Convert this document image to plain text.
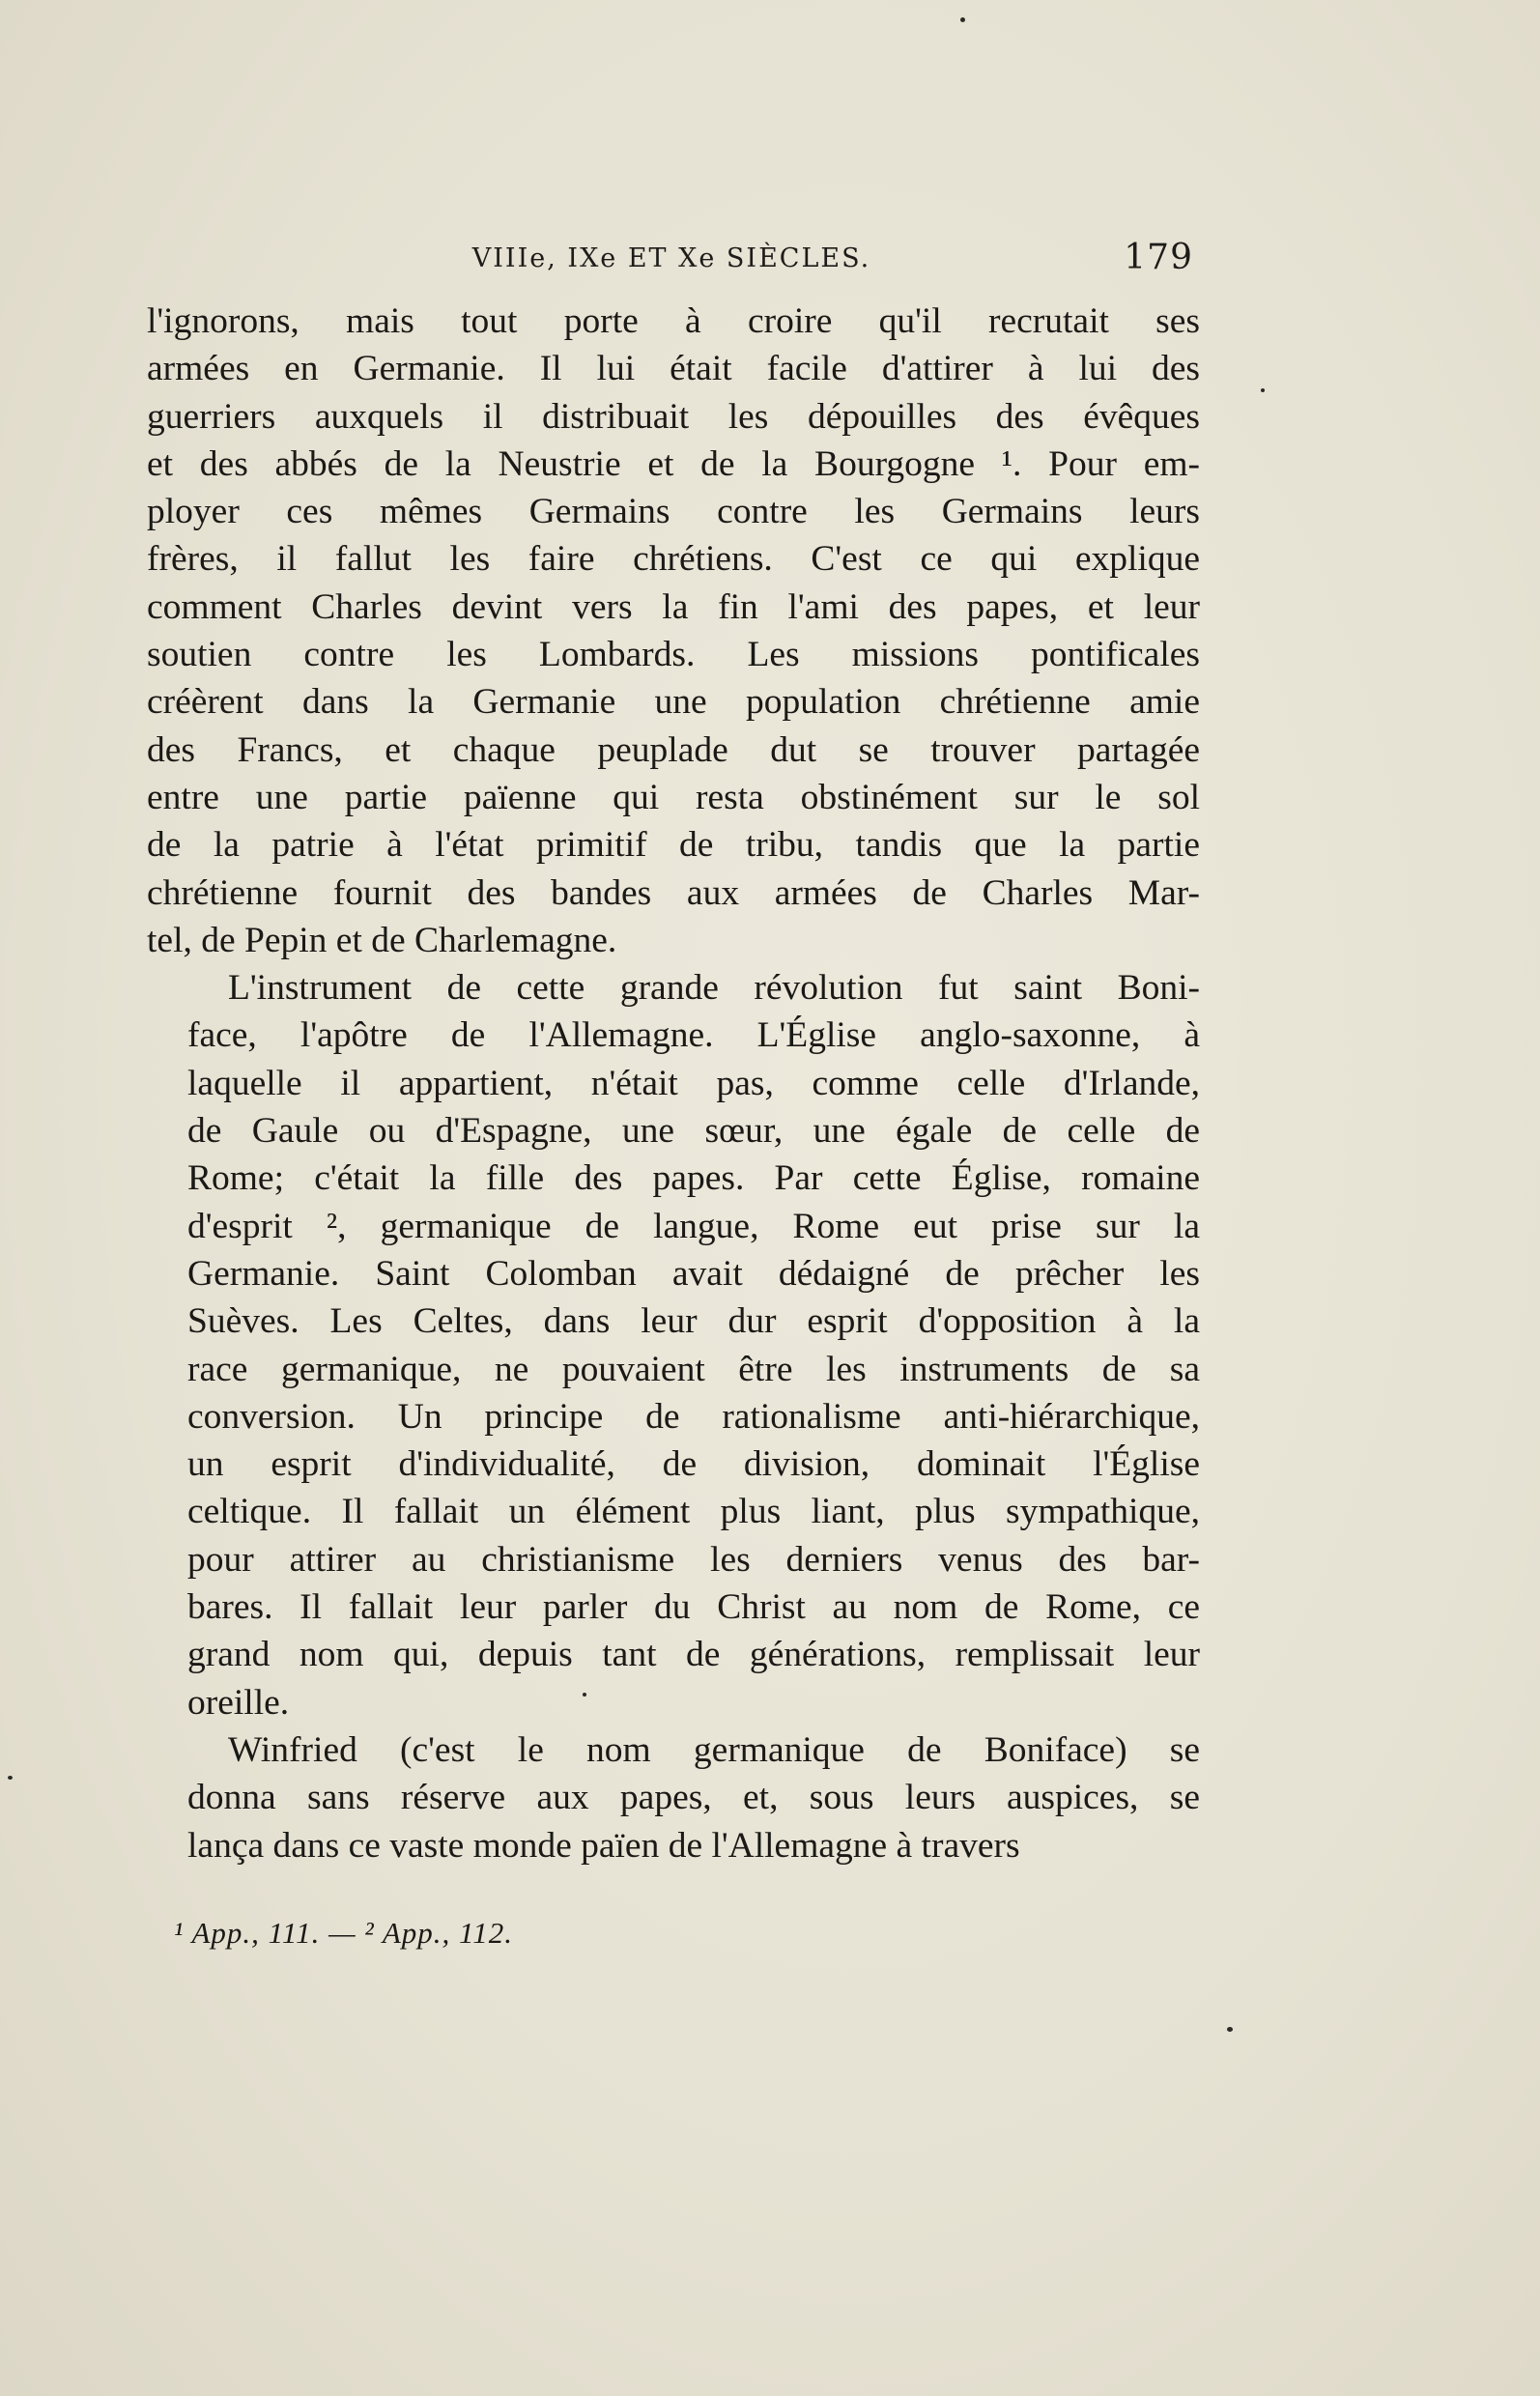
VIIIe, IXe ET Xe SIÈCLES.	179
l'ignorons, mais tout porte à croire qu'il recrutait ses
armées en Germanie. Il lui était facile d'attirer à lui des
guerriers auxquels il distribuait les dépouilles des évêques
et des abbés de la Neustrie et de la Bourgogne ¹. Pour em-
ployer ces mêmes Germains contre les Germains leurs
frères, il fallut les faire chrétiens. C'est ce qui explique
comment Charles devint vers la fin l'ami des papes, et leur
soutien contre les Lombards. Les missions pontificales
créèrent dans la Germanie une population chrétienne amie
des Francs, et chaque peuplade dut se trouver partagée
entre une partie païenne qui resta obstinément sur le sol
de la patrie à l'état primitif de tribu, tandis que la partie
chrétienne fournit des bandes aux armées de Charles Mar-
tel, de Pepin et de Charlemagne.
L'instrument de cette grande révolution fut saint Boni-
face, l'apôtre de l'Allemagne. L'Église anglo-saxonne, à
laquelle il appartient, n'était pas, comme celle d'Irlande,
de Gaule ou d'Espagne, une sœur, une égale de celle de
Rome; c'était la fille des papes. Par cette Église, romaine
d'esprit ², germanique de langue, Rome eut prise sur la
Germanie. Saint Colomban avait dédaigné de prêcher les
Suèves. Les Celtes, dans leur dur esprit d'opposition à la
race germanique, ne pouvaient être les instruments de sa
conversion. Un principe de rationalisme anti-hiérarchique,
un esprit d'individualité, de division, dominait l'Église
celtique. Il fallait un élément plus liant, plus sympathique,
pour attirer au christianisme les derniers venus des bar-
bares. Il fallait leur parler du Christ au nom de Rome, ce
grand nom qui, depuis tant de générations, remplissait leur
oreille.
Winfried (c'est le nom germanique de Boniface) se
donna sans réserve aux papes, et, sous leurs auspices, se
lança dans ce vaste monde païen de l'Allemagne à travers
¹ App., 111. — ² App., 112.
